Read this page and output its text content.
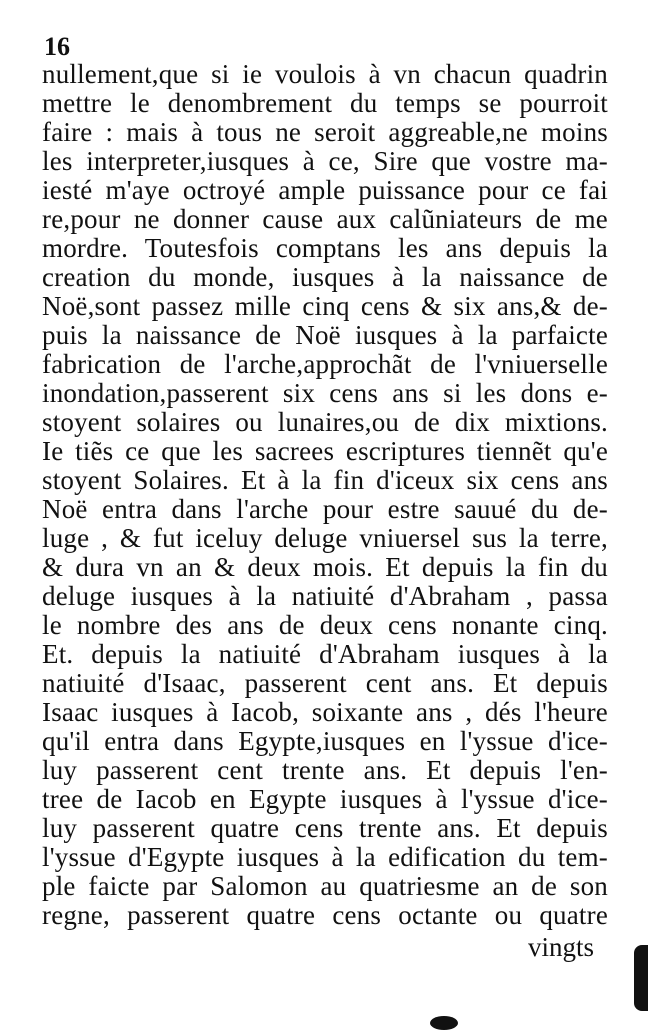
16
nullement,que si ie voulois à vn chacun quadrin
mettre le denombrement du temps se pourroit
faire : mais à tous ne seroit aggreable,ne moins
les interpreter,iusques à ce, Sire que vostre ma-
iesté m'aye octroyé ample puissance pour ce fai
re,pour ne donner cause aux calũniateurs de me
mordre. Toutesfois comptans les ans depuis la
creation du monde, iusques à la naissance de
Noë,sont passez mille cinq cens & six ans,& de-
puis la naissance de Noë iusques à la parfaicte
fabrication de l'arche,approchãt de l'vniuerselle
inondation,passerent six cens ans si les dons e-
stoyent solaires ou lunaires,ou de dix mixtions.
Ie tiẽs ce que les sacrees escriptures tiennẽt qu'e
stoyent Solaires. Et à la fin d'iceux six cens ans
Noë entra dans l'arche pour estre sauué du de-
luge , & fut iceluy deluge vniuersel sus la terre,
& dura vn an & deux mois. Et depuis la fin du
deluge iusques à la natiuité d'Abraham , passa
le nombre des ans de deux cens nonante cinq.
Et. depuis la natiuité d'Abraham iusques à la
natiuité d'Isaac, passerent cent ans. Et depuis
Isaac iusques à Iacob, soixante ans , dés l'heure
qu'il entra dans Egypte,iusques en l'yssue d'ice-
luy passerent cent trente ans. Et depuis l'en-
tree de Iacob en Egypte iusques à l'yssue d'ice-
luy passerent quatre cens trente ans. Et depuis
l'yssue d'Egypte iusques à la edification du tem-
ple faicte par Salomon au quatriesme an de son
regne, passerent quatre cens octante ou quatre
vingts
